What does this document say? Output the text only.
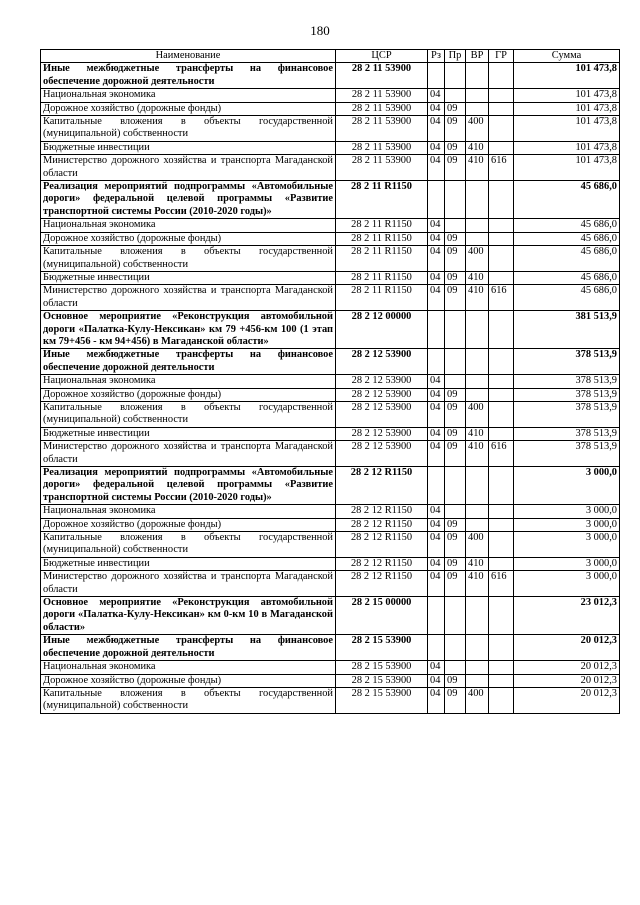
180
Наименование	ЦСР	Рз	Пр	ВР	ГР	Сумма
Иные межбюджетные трансферты на финансовое обеспечение дорожной деятельности	28 2 11 53900					101 473,8
Национальная экономика	28 2 11 53900	04				101 473,8
Дорожное хозяйство (дорожные фонды)	28 2 11 53900	04	09			101 473,8
Капитальные вложения в объекты государственной (муниципальной) собственности	28 2 11 53900	04	09	400		101 473,8
Бюджетные инвестиции	28 2 11 53900	04	09	410		101 473,8
Министерство дорожного хозяйства и транспорта Магаданской области	28 2 11 53900	04	09	410	616	101 473,8
Реализация мероприятий подпрограммы «Автомобильные дороги» федеральной целевой программы «Развитие транспортной системы России (2010-2020 годы)»	28 2 11 R1150					45 686,0
Национальная экономика	28 2 11 R1150	04				45 686,0
Дорожное хозяйство (дорожные фонды)	28 2 11 R1150	04	09			45 686,0
Капитальные вложения в объекты государственной (муниципальной) собственности	28 2 11 R1150	04	09	400		45 686,0
Бюджетные инвестиции	28 2 11 R1150	04	09	410		45 686,0
Министерство дорожного хозяйства и транспорта Магаданской области	28 2 11 R1150	04	09	410	616	45 686,0
Основное мероприятие «Реконструкция автомобильной дороги «Палатка-Кулу-Нексикан» км 79 +456-км 100 (1 этап км 79+456 - км 94+456) в Магаданской области»	28 2 12 00000					381 513,9
Иные межбюджетные трансферты на финансовое обеспечение дорожной деятельности	28 2 12 53900					378 513,9
Национальная экономика	28 2 12 53900	04				378 513,9
Дорожное хозяйство (дорожные фонды)	28 2 12 53900	04	09			378 513,9
Капитальные вложения в объекты государственной (муниципальной) собственности	28 2 12 53900	04	09	400		378 513,9
Бюджетные инвестиции	28 2 12 53900	04	09	410		378 513,9
Министерство дорожного хозяйства и транспорта Магаданской области	28 2 12 53900	04	09	410	616	378 513,9
Реализация мероприятий подпрограммы «Автомобильные дороги» федеральной целевой программы «Развитие транспортной системы России (2010-2020 годы)»	28 2 12 R1150					3 000,0
Национальная экономика	28 2 12 R1150	04				3 000,0
Дорожное хозяйство (дорожные фонды)	28 2 12 R1150	04	09			3 000,0
Капитальные вложения в объекты государственной (муниципальной) собственности	28 2 12 R1150	04	09	400		3 000,0
Бюджетные инвестиции	28 2 12 R1150	04	09	410		3 000,0
Министерство дорожного хозяйства и транспорта Магаданской области	28 2 12 R1150	04	09	410	616	3 000,0
Основное мероприятие «Реконструкция автомобильной дороги «Палатка-Кулу-Нексикан» км 0-км 10 в Магаданской области»	28 2 15 00000					23 012,3
Иные межбюджетные трансферты на финансовое обеспечение дорожной деятельности	28 2 15 53900					20 012,3
Национальная экономика	28 2 15 53900	04				20 012,3
Дорожное хозяйство (дорожные фонды)	28 2 15 53900	04	09			20 012,3
Капитальные вложения в объекты государственной (муниципальной) собственности	28 2 15 53900	04	09	400		20 012,3
